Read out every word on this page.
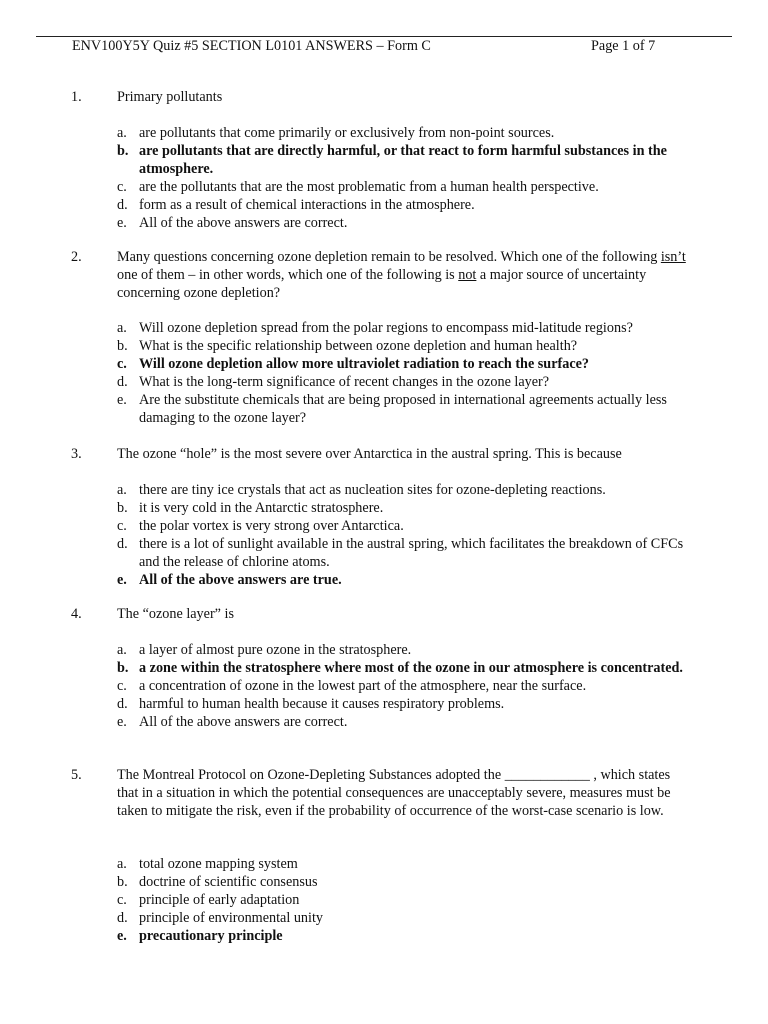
ENV100Y5Y Quiz #5 SECTION L0101 ANSWERS – Form C	Page 1 of 7
1. Primary pollutants
a. are pollutants that come primarily or exclusively from non-point sources.
b. are pollutants that are directly harmful, or that react to form harmful substances in the atmosphere.
c. are the pollutants that are the most problematic from a human health perspective.
d. form as a result of chemical interactions in the atmosphere.
e. All of the above answers are correct.
2. Many questions concerning ozone depletion remain to be resolved. Which one of the following isn’t one of them – in other words, which one of the following is not a major source of uncertainty concerning ozone depletion?
a. Will ozone depletion spread from the polar regions to encompass mid-latitude regions?
b. What is the specific relationship between ozone depletion and human health?
c. Will ozone depletion allow more ultraviolet radiation to reach the surface?
d. What is the long-term significance of recent changes in the ozone layer?
e. Are the substitute chemicals that are being proposed in international agreements actually less damaging to the ozone layer?
3. The ozone “hole” is the most severe over Antarctica in the austral spring. This is because
a. there are tiny ice crystals that act as nucleation sites for ozone-depleting reactions.
b. it is very cold in the Antarctic stratosphere.
c. the polar vortex is very strong over Antarctica.
d. there is a lot of sunlight available in the austral spring, which facilitates the breakdown of CFCs and the release of chlorine atoms.
e. All of the above answers are true.
4. The “ozone layer” is
a. a layer of almost pure ozone in the stratosphere.
b. a zone within the stratosphere where most of the ozone in our atmosphere is concentrated.
c. a concentration of ozone in the lowest part of the atmosphere, near the surface.
d. harmful to human health because it causes respiratory problems.
e. All of the above answers are correct.
5. The Montreal Protocol on Ozone-Depleting Substances adopted the ____________ , which states that in a situation in which the potential consequences are unacceptably severe, measures must be taken to mitigate the risk, even if the probability of occurrence of the worst-case scenario is low.
a. total ozone mapping system
b. doctrine of scientific consensus
c. principle of early adaptation
d. principle of environmental unity
e. precautionary principle
